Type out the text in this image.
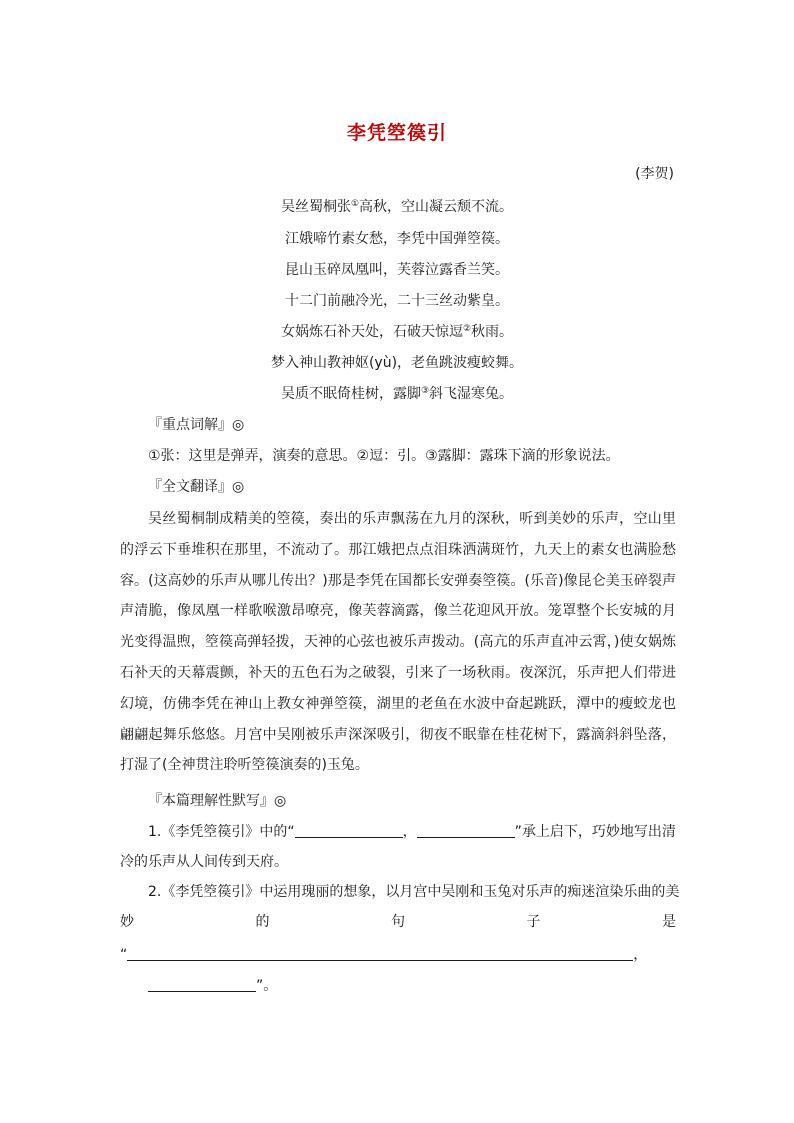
李凭箜篌引
(李贺)
吴丝蜀桐张①高秋，空山凝云颓不流。
江娥啼竹素女愁，李凭中国弹箜篌。
昆山玉碎凤凰叫，芙蓉泣露香兰笑。
十二门前融冷光，二十三丝动紫皇。
女娲炼石补天处，石破天惊逗②秋雨。
梦入神山教神妪(yù)，老鱼跳波瘦蛟舞。
吴质不眠倚桂树，露脚③斜飞湿寒兔。
『重点词解』◎
①张：这里是弹弄，演奏的意思。②逗：引。③露脚：露珠下滴的形象说法。
『全文翻译』◎

吴丝蜀桐制成精美的箜篌，奏出的乐声飘荡在九月的深秋，听到美妙的乐声，空山里的浮云下垂堆积在那里，不流动了。那江娥把点点泪珠洒满斑竹，九天上的素女也满脸愁容。(这高妙的乐声从哪儿传出？)那是李凭在国都长安弹奏箜篌。(乐音)像昆仑美玉碎裂声声清脆，像凤凰一样歌喉激昂嘹亮，像芙蓉滴露，像兰花迎风开放。笼罩整个长安城的月光变得温煦，箜篌高弹轻拨，天神的心弦也被乐声拨动。(高亢的乐声直冲云霄，)使女娲炼石补天的天幕震颤，补天的五色石为之破裂，引来了一场秋雨。夜深沉，乐声把人们带进幻境，仿佛李凭在神山上教女神弹箜篌，湖里的老鱼在水波中奋起跳跃，潭中的瘦蛟龙也翩翩起舞乐悠悠。月宫中吴刚被乐声深深吸引，彻夜不眠靠在桂花树下，露滴斜斜坠落，打湿了(全神贯注聆听箜篌演奏的)玉兔。

『本篇理解性默写』◎
1.《李凭箜篌引》中的“	，	”承上启下，巧妙地写出清
冷的乐声从人间传到天府。
2.《李凭箜篌引》中运用瑰丽的想象，以月宫中吴刚和玉兔对乐声的痴迷渲染乐曲的美
妙	的	句	子	是
“	，
”。
